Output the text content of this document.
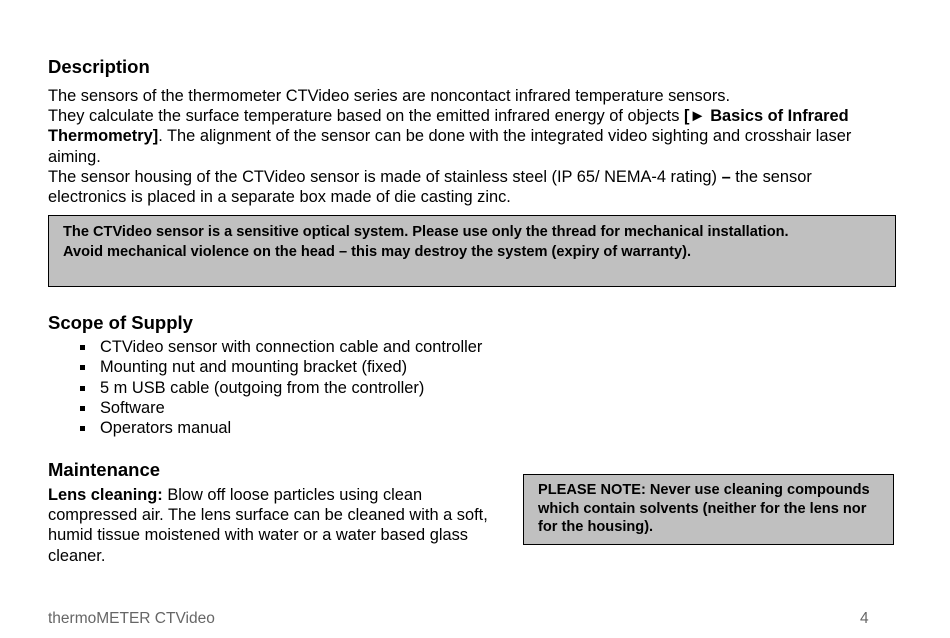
Description
The sensors of the thermometer CTVideo series are noncontact infrared temperature sensors.
They calculate the surface temperature based on the emitted infrared energy of objects [► Basics of Infrared Thermometry]. The alignment of the sensor can be done with the integrated video sighting and crosshair laser aiming.
The sensor housing of the CTVideo sensor is made of stainless steel (IP 65/ NEMA-4 rating) – the sensor electronics is placed in a separate box made of die casting zinc.
The CTVideo sensor is a sensitive optical system. Please use only the thread for mechanical installation.
Avoid mechanical violence on the head – this may destroy the system (expiry of warranty).
Scope of Supply
CTVideo sensor with connection cable and controller
Mounting nut and mounting bracket (fixed)
5 m USB cable (outgoing from the controller)
Software
Operators manual
Maintenance
Lens cleaning: Blow off loose particles using clean compressed air. The lens surface can be cleaned with a soft, humid tissue moistened with water or a water based glass cleaner.
PLEASE NOTE: Never use cleaning compounds which contain solvents (neither for the lens nor for the housing).
thermoMETER CTVideo	4
